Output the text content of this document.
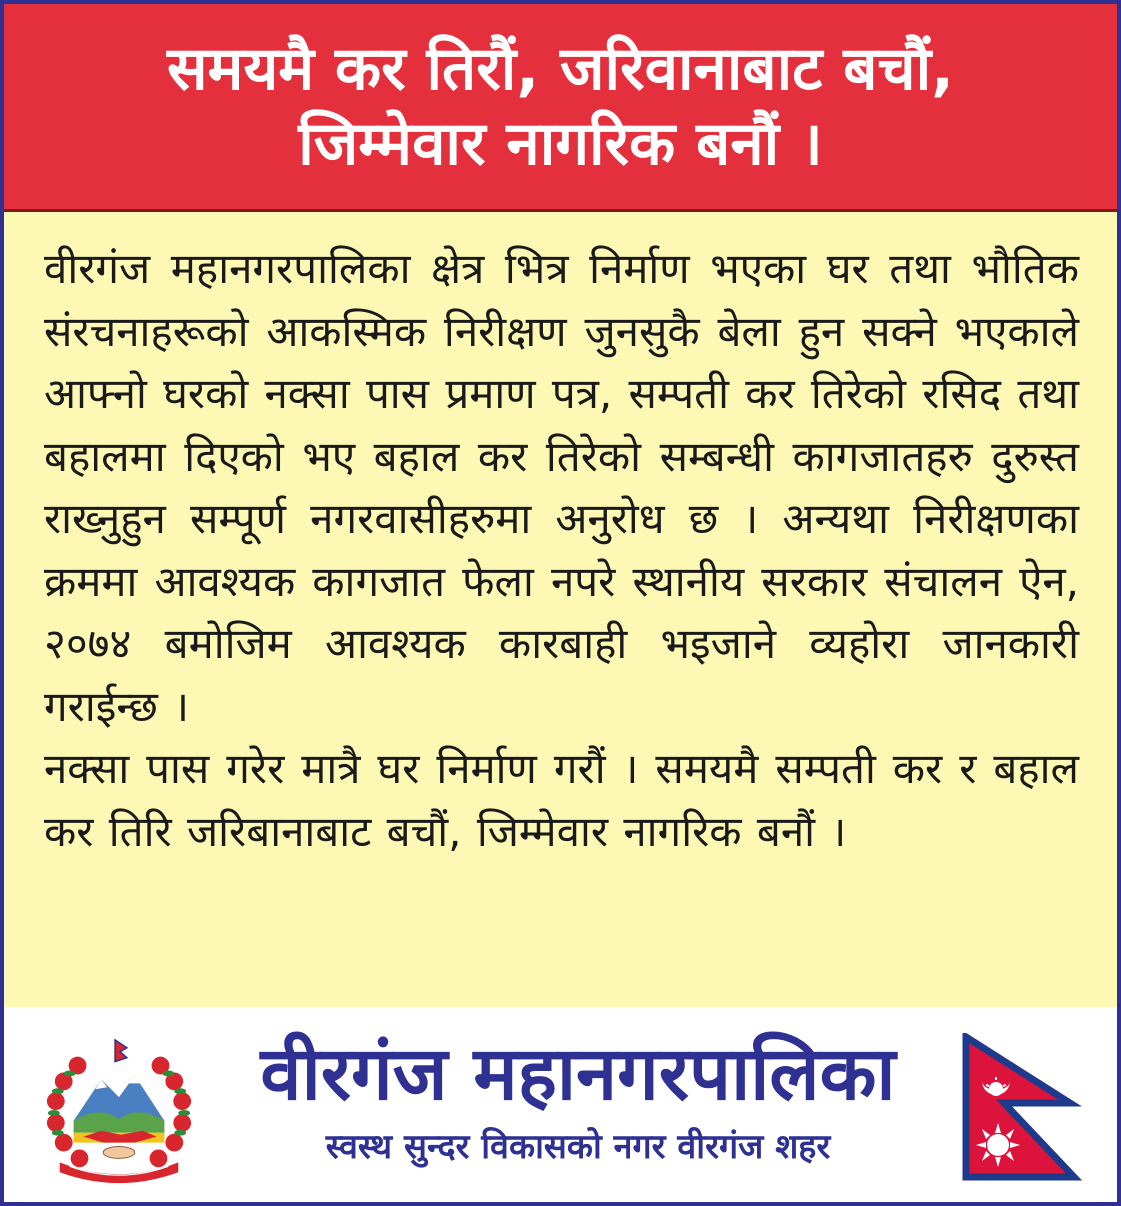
समयमै कर तिरौं, जरिवानाबाट बचौं,
जिम्मेवार नागरिक बनौं ।

वीरगंज महानगरपालिका क्षेत्र भित्र निर्माण भएका घर तथा भौतिक संरचनाहरूको आकस्मिक निरीक्षण जुनसुकै बेला हुन सक्ने भएकाले आफ्नो घरको नक्सा पास प्रमाण पत्र, सम्पती कर तिरेको रसिद तथा बहालमा दिएको भए बहाल कर तिरेको सम्बन्धी कागजातहरु दुरुस्त राख्नुहुन सम्पूर्ण नगरवासीहरुमा अनुरोध छ । अन्यथा निरीक्षणका क्रममा आवश्यक कागजात फेला नपरे स्थानीय सरकार संचालन ऐन, २०७४ बमोजिम आवश्यक कारबाही भइजाने व्यहोरा जानकारी गराईन्छ ।

नक्सा पास गरेर मात्रै घर निर्माण गरौं । समयमै सम्पती कर र बहाल कर तिरि जरिबानाबाट बचौं, जिम्मेवार नागरिक बनौं ।

वीरगंज महानगरपालिका
स्वस्थ सुन्दर विकासको नगर वीरगंज शहर
